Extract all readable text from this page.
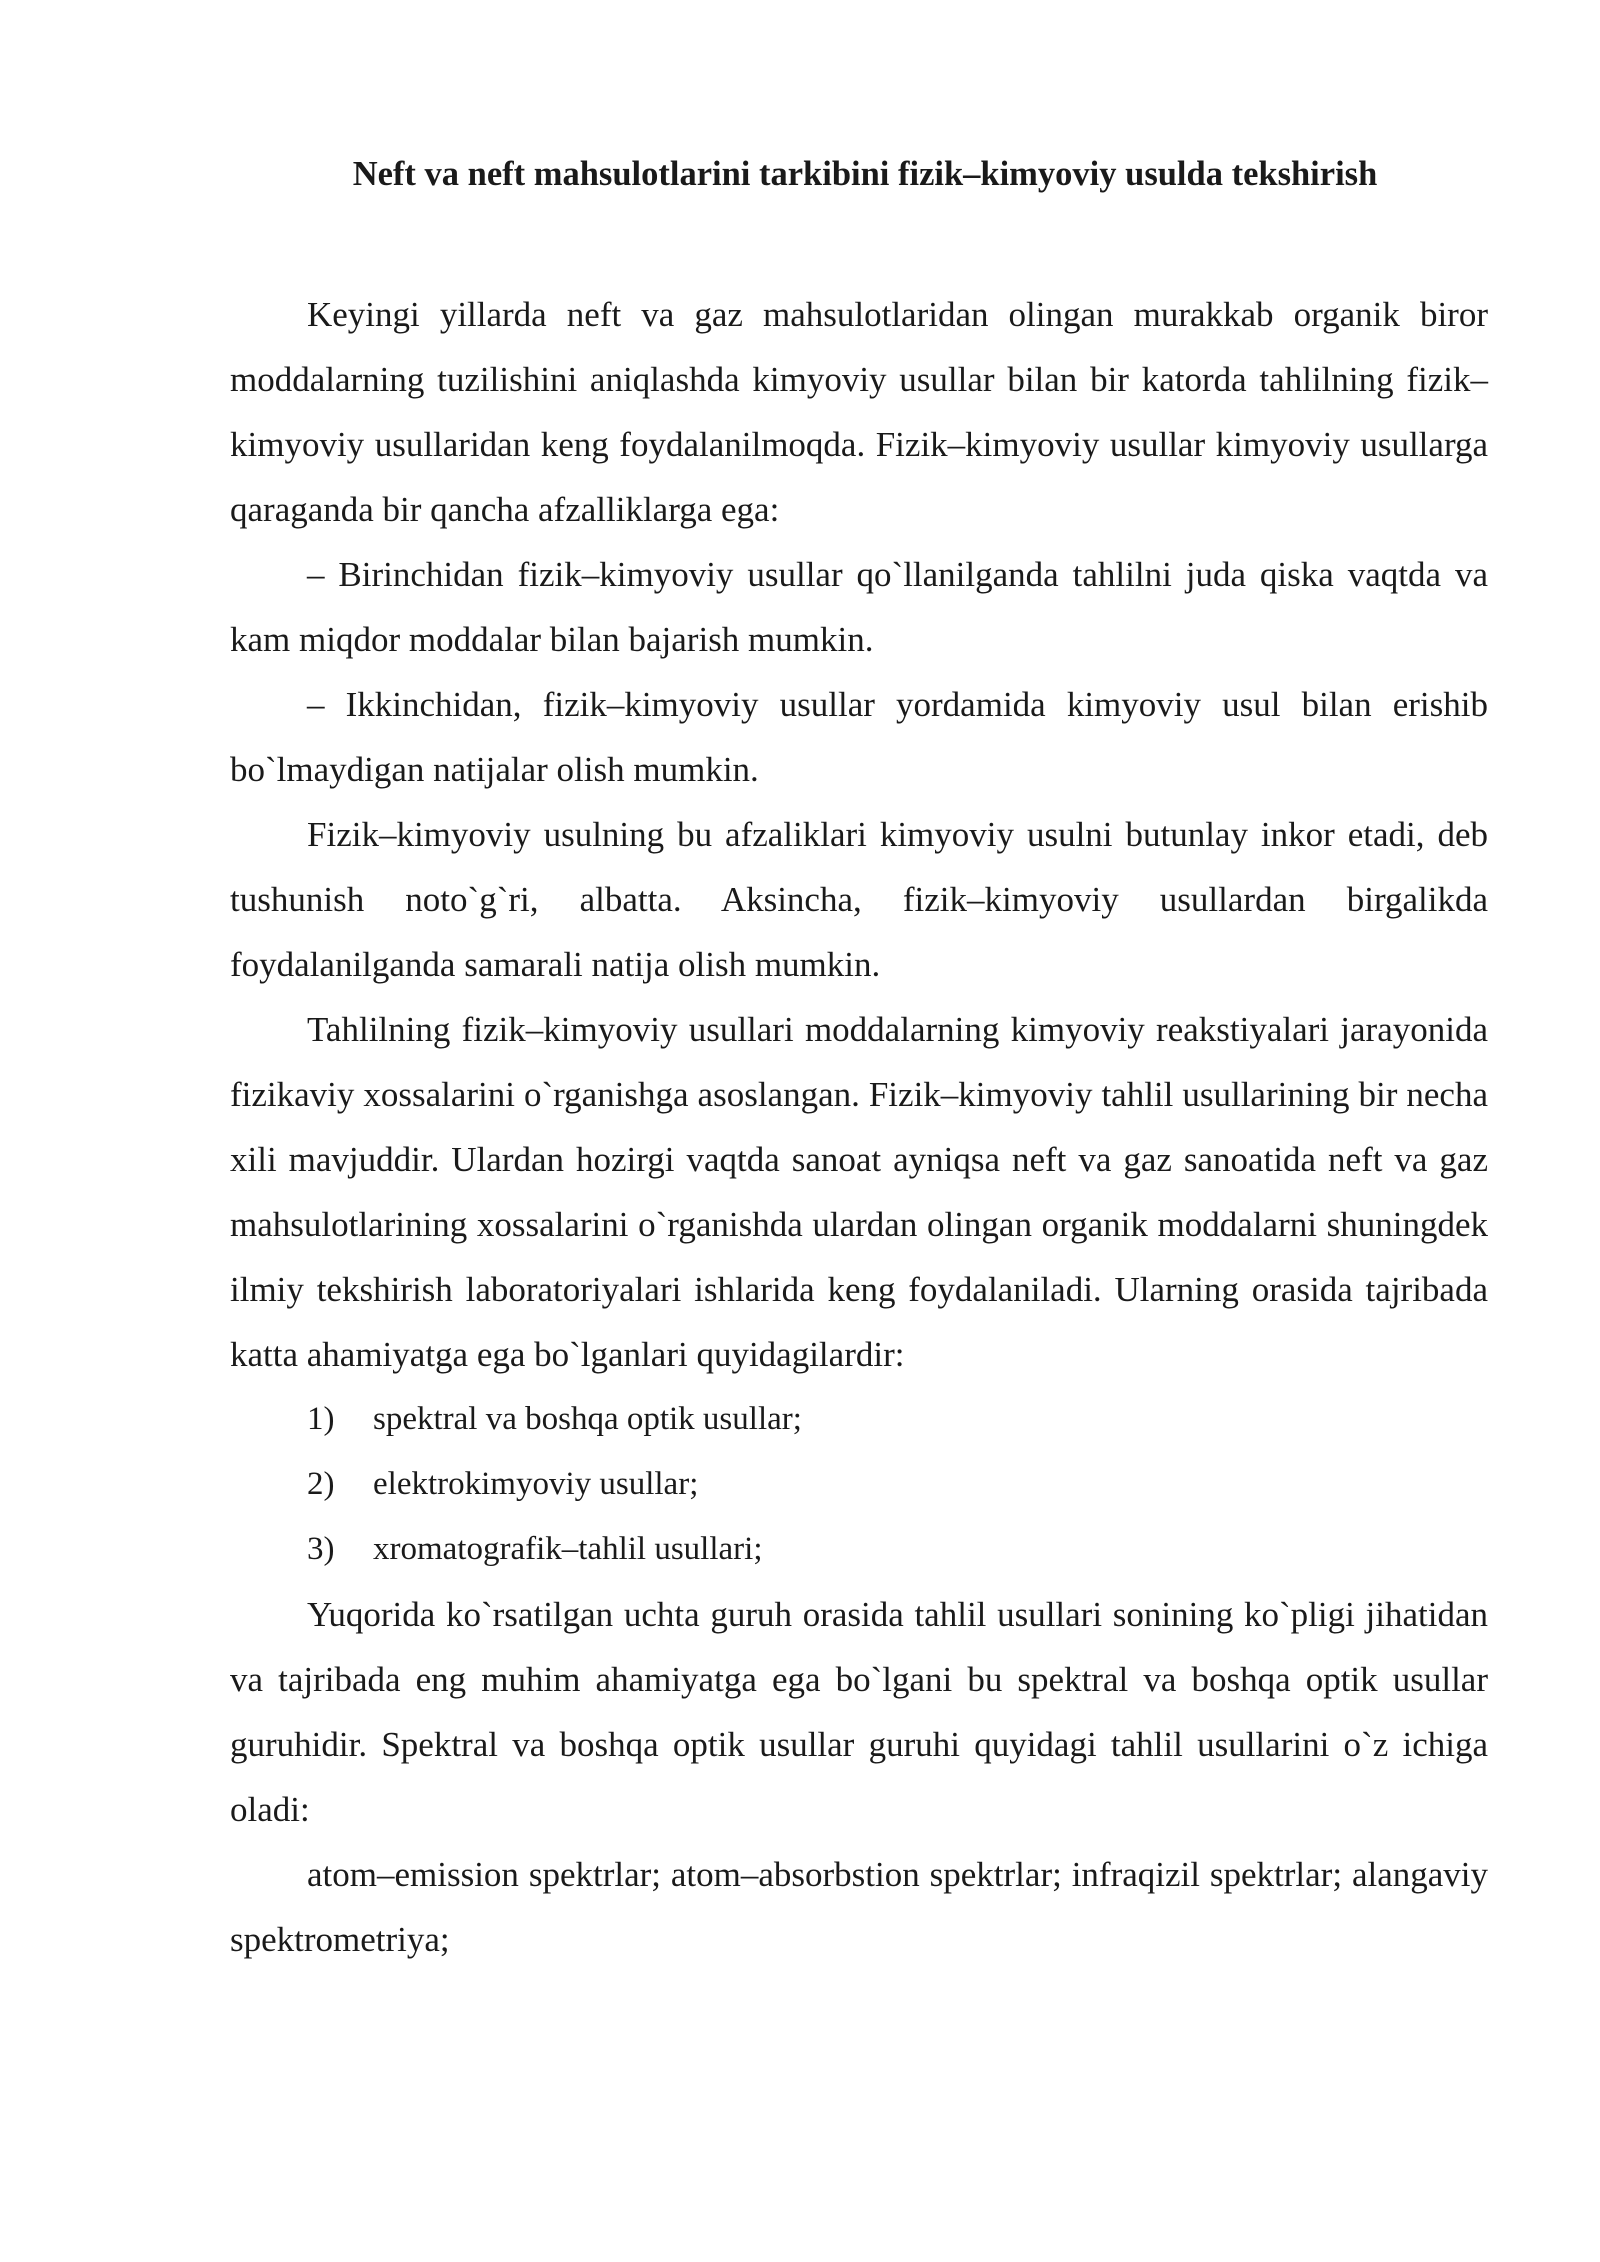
Neft va neft mahsulotlarini tarkibini fizik–kimyoviy usulda tekshirish

Keyingi yillarda neft va gaz mahsulotlaridan olingan murakkab organik biror moddalarning tuzilishini aniqlashda kimyoviy usullar bilan bir katorda tahlilning fizik–kimyoviy usullaridan keng foydalanilmoqda. Fizik–kimyoviy usullar kimyoviy usullarga qaraganda bir qancha afzalliklarga ega:

– Birinchidan fizik–kimyoviy usullar qo`llanilganda tahlilni juda qiska vaqtda va kam miqdor moddalar bilan bajarish mumkin.

– Ikkinchidan, fizik–kimyoviy usullar yordamida kimyoviy usul bilan erishib bo`lmaydigan natijalar olish mumkin.

Fizik–kimyoviy usulning bu afzaliklari kimyoviy usulni butunlay inkor etadi, deb tushunish noto`g`ri, albatta. Aksincha, fizik–kimyoviy usullardan birgalikda foydalanilganda samarali natija olish mumkin.

Tahlilning fizik–kimyoviy usullari moddalarning kimyoviy reakstiyalari jarayonida fizikaviy xossalarini o`rganishga asoslangan. Fizik–kimyoviy tahlil usullarining bir necha xili mavjuddir. Ulardan hozirgi vaqtda sanoat ayniqsa neft va gaz sanoatida neft va gaz mahsulotlarining xossalarini o`rganishda ulardan olingan organik moddalarni shuningdek ilmiy tekshirish laboratoriyalari ishlarida keng foydalaniladi. Ularning orasida tajribada katta ahamiyatga ega bo`lganlari quyidagilardir:

1)	spektral va boshqa optik usullar;
2)	elektrokimyoviy usullar;
3)	xromatografik–tahlil usullari;

Yuqorida ko`rsatilgan uchta guruh orasida tahlil usullari sonining ko`pligi jihatidan va tajribada eng muhim ahamiyatga ega bo`lgani bu spektral va boshqa optik usullar guruhidir. Spektral va boshqa optik usullar guruhi quyidagi tahlil usullarini o`z ichiga oladi:

atom–emission spektrlar; atom–absorbstion spektrlar; infraqizil spektrlar; alangaviy spektrometriya;
